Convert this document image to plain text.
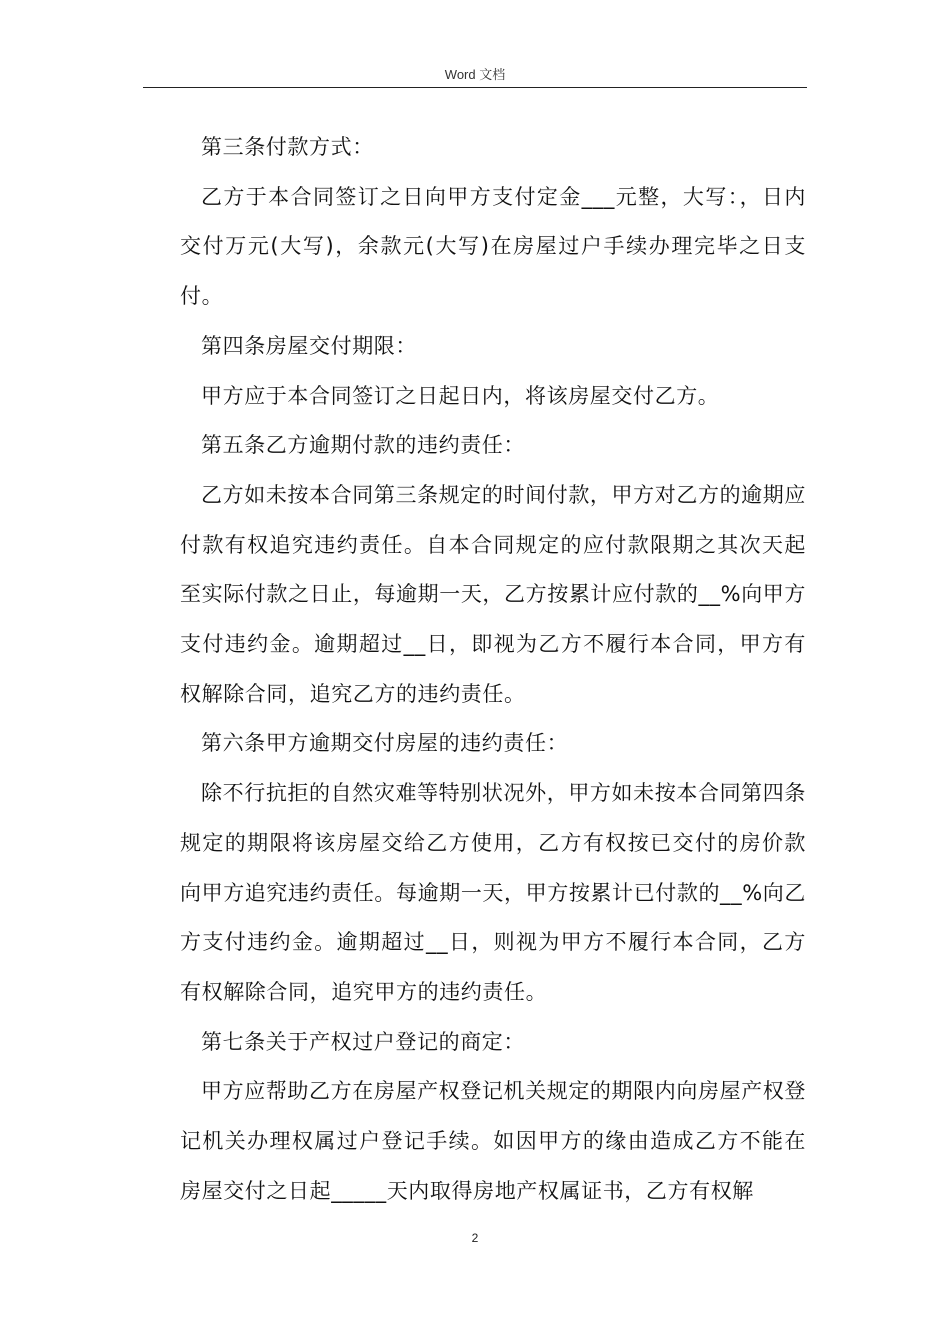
Word 文档

第三条付款方式：

乙方于本合同签订之日向甲方支付定金___元整，大写：，日内交付万元(大写)，余款元(大写)在房屋过户手续办理完毕之日支付。

第四条房屋交付期限：

甲方应于本合同签订之日起日内，将该房屋交付乙方。

第五条乙方逾期付款的违约责任：

乙方如未按本合同第三条规定的时间付款，甲方对乙方的逾期应付款有权追究违约责任。自本合同规定的应付款限期之其次天起至实际付款之日止，每逾期一天，乙方按累计应付款的__%向甲方支付违约金。逾期超过__日，即视为乙方不履行本合同，甲方有权解除合同，追究乙方的违约责任。

第六条甲方逾期交付房屋的违约责任：

除不行抗拒的自然灾难等特别状况外，甲方如未按本合同第四条规定的期限将该房屋交给乙方使用，乙方有权按已交付的房价款向甲方追究违约责任。每逾期一天，甲方按累计已付款的__%向乙方支付违约金。逾期超过__日，则视为甲方不履行本合同，乙方有权解除合同，追究甲方的违约责任。

第七条关于产权过户登记的商定：

甲方应帮助乙方在房屋产权登记机关规定的期限内向房屋产权登记机关办理权属过户登记手续。如因甲方的缘由造成乙方不能在房屋交付之日起_____天内取得房地产权属证书，乙方有权解

2
